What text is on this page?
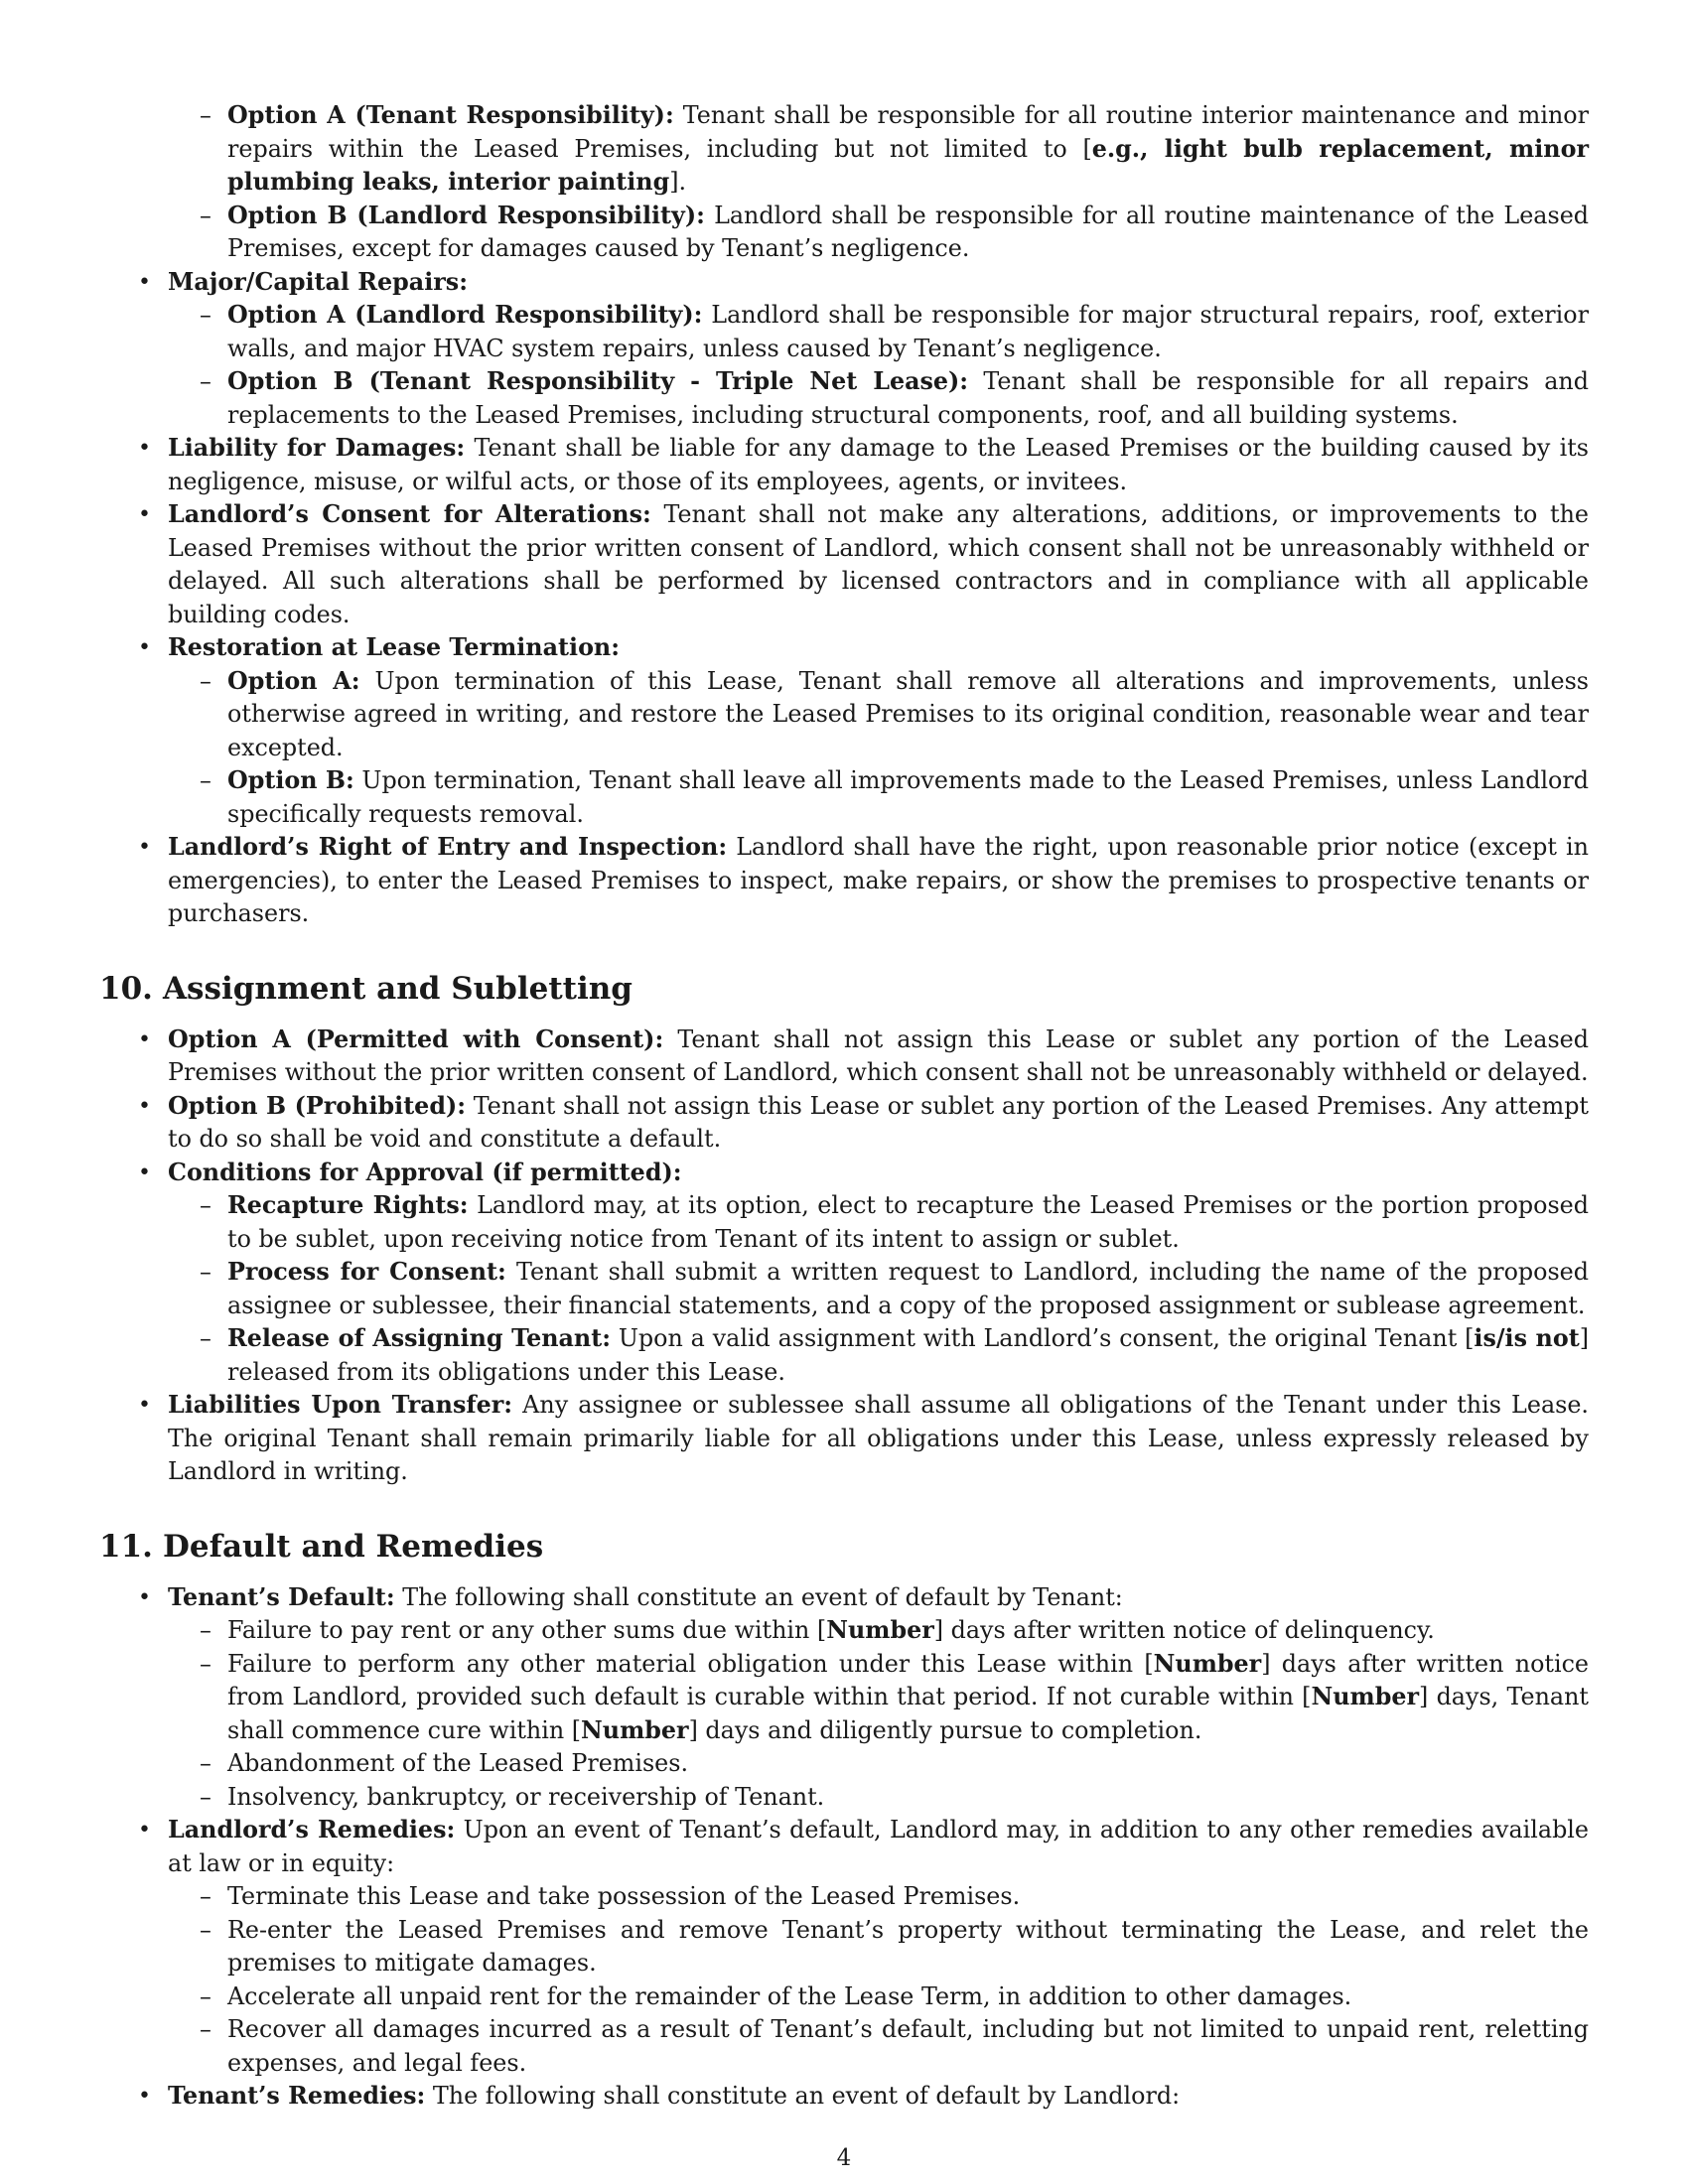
– Option A (Tenant Responsibility): Tenant shall be responsible for all routine interior maintenance and minor repairs within the Leased Premises, including but not limited to [e.g., light bulb replacement, minor plumbing leaks, interior painting].
– Option B (Landlord Responsibility): Landlord shall be responsible for all routine maintenance of the Leased Premises, except for damages caused by Tenant’s negligence.
• Major/Capital Repairs:
– Option A (Landlord Responsibility): Landlord shall be responsible for major structural repairs, roof, exterior walls, and major HVAC system repairs, unless caused by Tenant’s negligence.
– Option B (Tenant Responsibility - Triple Net Lease): Tenant shall be responsible for all repairs and replacements to the Leased Premises, including structural components, roof, and all building systems.
• Liability for Damages: Tenant shall be liable for any damage to the Leased Premises or the building caused by its negligence, misuse, or wilful acts, or those of its employees, agents, or invitees.
• Landlord’s Consent for Alterations: Tenant shall not make any alterations, additions, or improvements to the Leased Premises without the prior written consent of Landlord, which consent shall not be unreasonably withheld or delayed. All such alterations shall be performed by licensed contractors and in compliance with all applicable building codes.
• Restoration at Lease Termination:
– Option A: Upon termination of this Lease, Tenant shall remove all alterations and improvements, unless otherwise agreed in writing, and restore the Leased Premises to its original condition, reasonable wear and tear excepted.
– Option B: Upon termination, Tenant shall leave all improvements made to the Leased Premises, unless Landlord specifically requests removal.
• Landlord’s Right of Entry and Inspection: Landlord shall have the right, upon reasonable prior notice (except in emergencies), to enter the Leased Premises to inspect, make repairs, or show the premises to prospective tenants or purchasers.
10. Assignment and Subletting
• Option A (Permitted with Consent): Tenant shall not assign this Lease or sublet any portion of the Leased Premises without the prior written consent of Landlord, which consent shall not be unreasonably withheld or delayed.
• Option B (Prohibited): Tenant shall not assign this Lease or sublet any portion of the Leased Premises. Any attempt to do so shall be void and constitute a default.
• Conditions for Approval (if permitted):
– Recapture Rights: Landlord may, at its option, elect to recapture the Leased Premises or the portion proposed to be sublet, upon receiving notice from Tenant of its intent to assign or sublet.
– Process for Consent: Tenant shall submit a written request to Landlord, including the name of the proposed assignee or sublessee, their financial statements, and a copy of the proposed assignment or sublease agreement.
– Release of Assigning Tenant: Upon a valid assignment with Landlord’s consent, the original Tenant [is/is not] released from its obligations under this Lease.
• Liabilities Upon Transfer: Any assignee or sublessee shall assume all obligations of the Tenant under this Lease. The original Tenant shall remain primarily liable for all obligations under this Lease, unless expressly released by Landlord in writing.
11. Default and Remedies
• Tenant’s Default: The following shall constitute an event of default by Tenant:
– Failure to pay rent or any other sums due within [Number] days after written notice of delinquency.
– Failure to perform any other material obligation under this Lease within [Number] days after written notice from Landlord, provided such default is curable within that period. If not curable within [Number] days, Tenant shall commence cure within [Number] days and diligently pursue to completion.
– Abandonment of the Leased Premises.
– Insolvency, bankruptcy, or receivership of Tenant.
• Landlord’s Remedies: Upon an event of Tenant’s default, Landlord may, in addition to any other remedies available at law or in equity:
– Terminate this Lease and take possession of the Leased Premises.
– Re-enter the Leased Premises and remove Tenant’s property without terminating the Lease, and relet the premises to mitigate damages.
– Accelerate all unpaid rent for the remainder of the Lease Term, in addition to other damages.
– Recover all damages incurred as a result of Tenant’s default, including but not limited to unpaid rent, reletting expenses, and legal fees.
• Tenant’s Remedies: The following shall constitute an event of default by Landlord:
4
